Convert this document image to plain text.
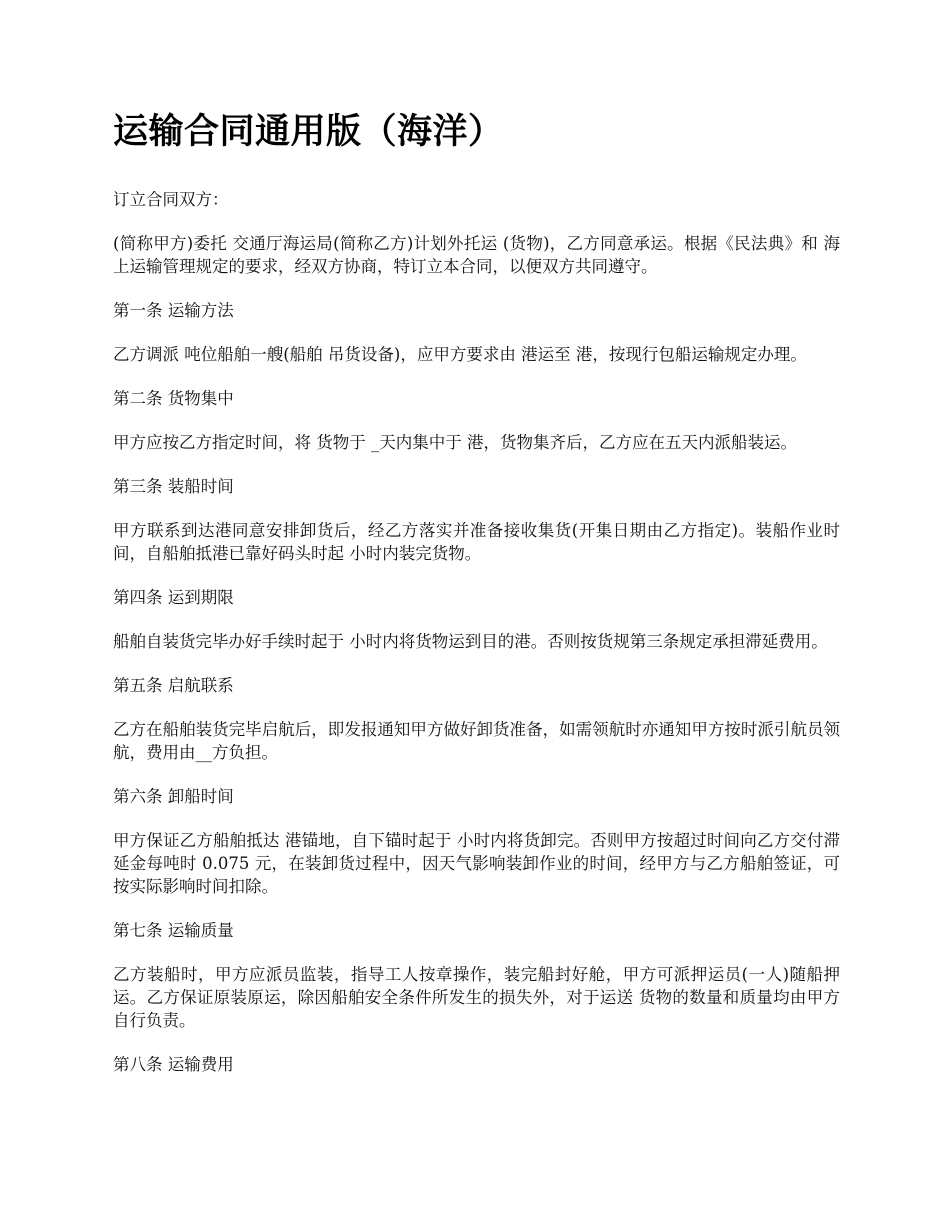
运输合同通用版（海洋）

订立合同双方：

(简称甲方)委托 交通厅海运局(简称乙方)计划外托运 (货物)，乙方同意承运。根据《民法典》和 海上运输管理规定的要求，经双方协商，特订立本合同，以便双方共同遵守。

第一条 运输方法

乙方调派 吨位船舶一艘(船舶 吊货设备)，应甲方要求由 港运至 港，按现行包船运输规定办理。

第二条 货物集中

甲方应按乙方指定时间，将 货物于 _天内集中于 港，货物集齐后，乙方应在五天内派船装运。

第三条 装船时间

甲方联系到达港同意安排卸货后，经乙方落实并准备接收集货(开集日期由乙方指定)。装船作业时间，自船舶抵港已靠好码头时起 小时内装完货物。

第四条 运到期限

船舶自装货完毕办好手续时起于 小时内将货物运到目的港。否则按货规第三条规定承担滞延费用。

第五条 启航联系

乙方在船舶装货完毕启航后，即发报通知甲方做好卸货准备，如需领航时亦通知甲方按时派引航员领航，费用由__方负担。

第六条 卸船时间

甲方保证乙方船舶抵达 港锚地，自下锚时起于 小时内将货卸完。否则甲方按超过时间向乙方交付滞延金每吨时 0.075 元，在装卸货过程中，因天气影响装卸作业的时间，经甲方与乙方船舶签证，可按实际影响时间扣除。

第七条 运输质量

乙方装船时，甲方应派员监装，指导工人按章操作，装完船封好舱，甲方可派押运员(一人)随船押运。乙方保证原装原运，除因船舶安全条件所发生的损失外，对于运送 货物的数量和质量均由甲方自行负责。

第八条 运输费用
